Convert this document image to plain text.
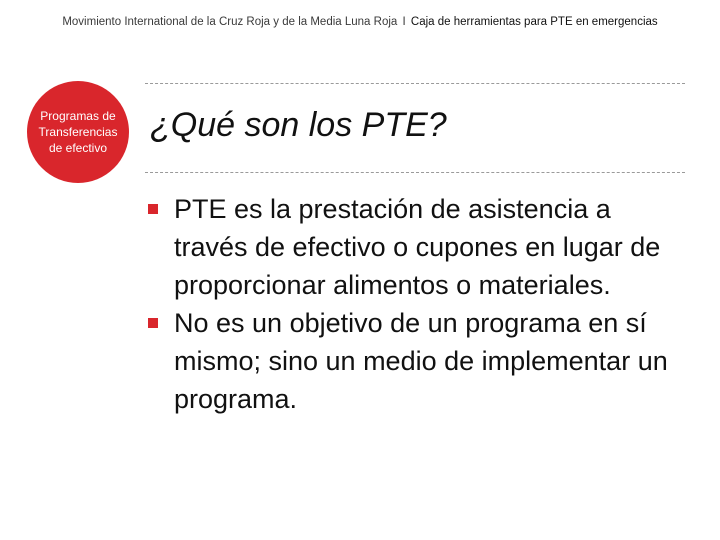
Movimiento International de la Cruz Roja y de la Media Luna Roja I Caja de herramientas para PTE en emergencias
Programas de
Transferencias
de efectivo
¿Qué son los PTE?
PTE es la prestación de asistencia a través de efectivo o cupones en lugar de proporcionar alimentos o materiales.
No es un objetivo de un programa en sí mismo; sino un medio de implementar un programa.
